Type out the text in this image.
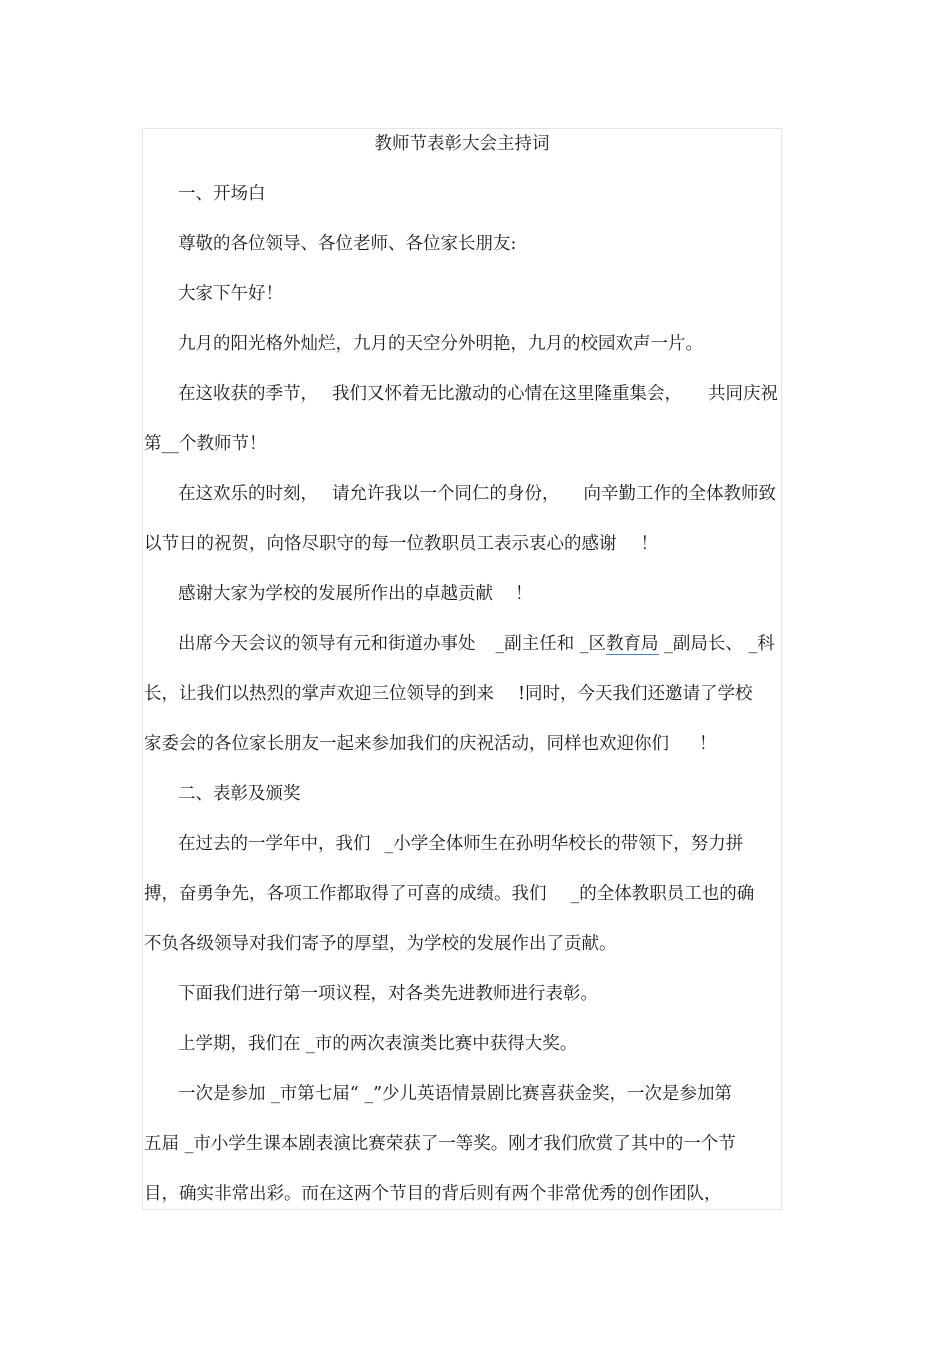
教师节表彰大会主持词
一、开场白
尊敬的各位领导、各位老师、各位家长朋友:
大家下午好！
九月的阳光格外灿烂，九月的天空分外明艳，九月的校园欢声一片。
在这收获的季节， 我们又怀着无比激动的心情在这里隆重集会， 共同庆祝
第__个教师节！
在这欢乐的时刻， 请允许我以一个同仁的身份， 向辛勤工作的全体教师致
以节日的祝贺，向恪尽职守的每一位教职员工表示衷心的感谢 ！
感谢大家为学校的发展所作出的卓越贡献 ！
出席今天会议的领导有元和街道办事处 _副主任和 _区教育局 _副局长、 _科
长，让我们以热烈的掌声欢迎三位领导的到来 !同时，今天我们还邀请了学校
家委会的各位家长朋友一起来参加我们的庆祝活动，同样也欢迎你们 ！
二、表彰及颁奖
在过去的一学年中，我们 _小学全体师生在孙明华校长的带领下，努力拼
搏，奋勇争先，各项工作都取得了可喜的成绩。我们 _的全体教职员工也的确
不负各级领导对我们寄予的厚望，为学校的发展作出了贡献。
下面我们进行第一项议程，对各类先进教师进行表彰。
上学期，我们在 _市的两次表演类比赛中获得大奖。
一次是参加 _市第七届“ _”少儿英语情景剧比赛喜获金奖，一次是参加第
五届 _市小学生课本剧表演比赛荣获了一等奖。刚才我们欣赏了其中的一个节
目，确实非常出彩。而在这两个节目的背后则有两个非常优秀的创作团队，
